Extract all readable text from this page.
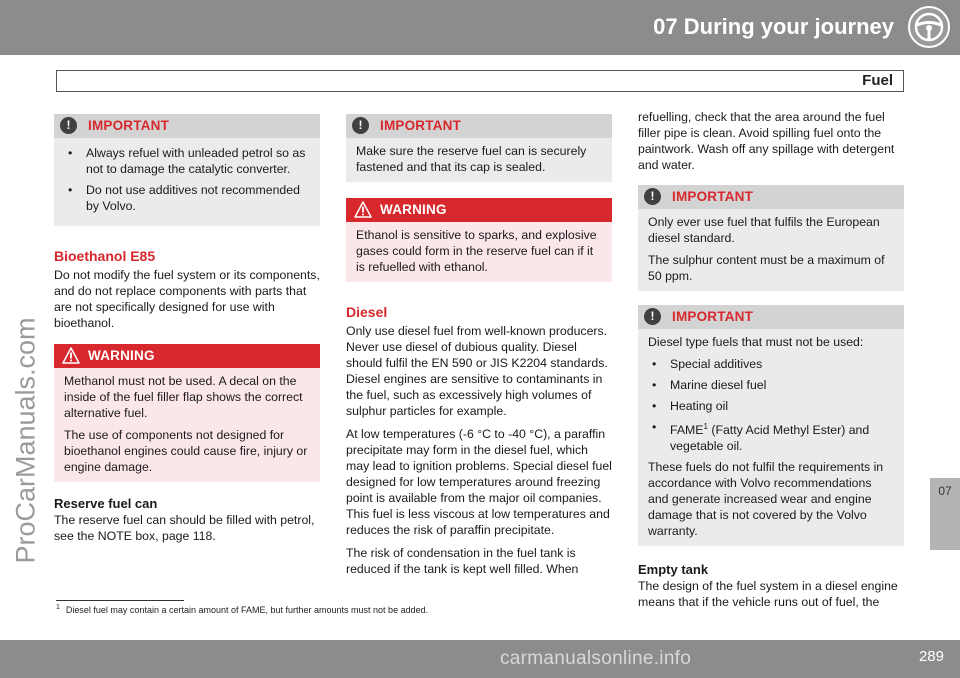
07 During your journey
Fuel
07
ProCarManuals.com
!	IMPORTANT
• Always refuel with unleaded petrol so as not to damage the catalytic converter.
• Do not use additives not recommended by Volvo.
Bioethanol E85

Do not modify the fuel system or its components, and do not replace components with parts that are not specifically designed for use with bioethanol.

WARNING

Methanol must not be used. A decal on the inside of the fuel filler flap shows the correct alternative fuel.

The use of components not designed for bioethanol engines could cause fire, injury or engine damage.

Reserve fuel can

The reserve fuel can should be filled with petrol, see the NOTE box, page 118.

!	IMPORTANT

Make sure the reserve fuel can is securely fastened and that its cap is sealed.

WARNING

Ethanol is sensitive to sparks, and explosive gases could form in the reserve fuel can if it is refuelled with ethanol.

Diesel

Only use diesel fuel from well-known producers. Never use diesel of dubious quality. Diesel should fulfil the EN 590 or JIS K2204 standards. Diesel engines are sensitive to contaminants in the fuel, such as excessively high volumes of sulphur particles for example.

At low temperatures (-6 °C to -40 °C), a paraffin precipitate may form in the diesel fuel, which may lead to ignition problems. Special diesel fuel designed for low temperatures around freezing point is available from the major oil companies. This fuel is less viscous at low temperatures and reduces the risk of paraffin precipitate.

The risk of condensation in the fuel tank is reduced if the tank is kept well filled. When

refuelling, check that the area around the fuel filler pipe is clean. Avoid spilling fuel onto the paintwork. Wash off any spillage with detergent and water.

!	IMPORTANT

Only ever use fuel that fulfils the European diesel standard.

The sulphur content must be a maximum of 50 ppm.

!	IMPORTANT

Diesel type fuels that must not be used:

• Special additives
• Marine diesel fuel
• Heating oil
• FAME$^1$ (Fatty Acid Methyl Ester) and vegetable oil.

These fuels do not fulfil the requirements in accordance with Volvo recommendations and generate increased wear and engine damage that is not covered by the Volvo warranty.

Empty tank

The design of the fuel system in a diesel engine means that if the vehicle runs out of fuel, the

$^1$ Diesel fuel may contain a certain amount of FAME, but further amounts must not be added.
289
carmanualsonline.info
